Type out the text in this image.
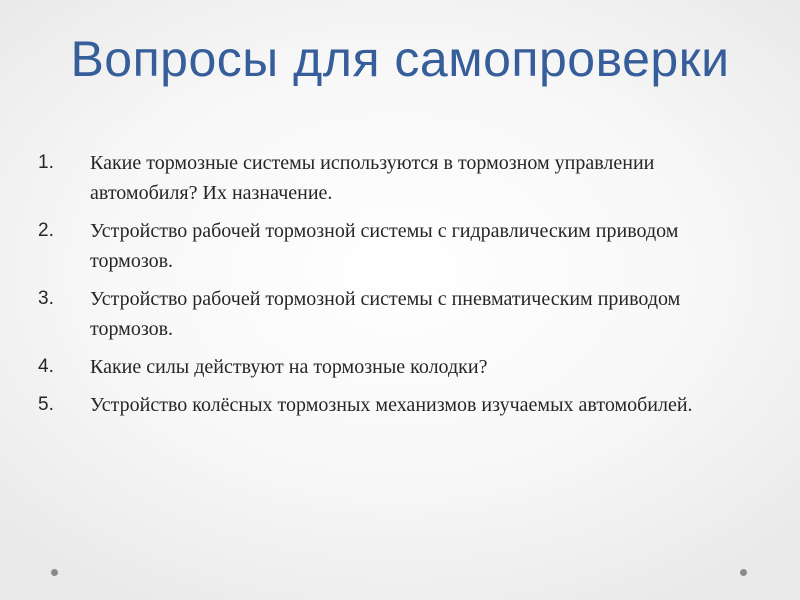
Вопросы для самопроверки
1. Какие тормозные системы используются в тормозном управлении автомобиля? Их назначение.
2. Устройство рабочей тормозной системы с гидравлическим приводом тормозов.
3. Устройство рабочей тормозной системы с пневматическим приводом тормозов.
4. Какие силы действуют на тормозные колодки?
5. Устройство колёсных тормозных механизмов изучаемых автомобилей.
